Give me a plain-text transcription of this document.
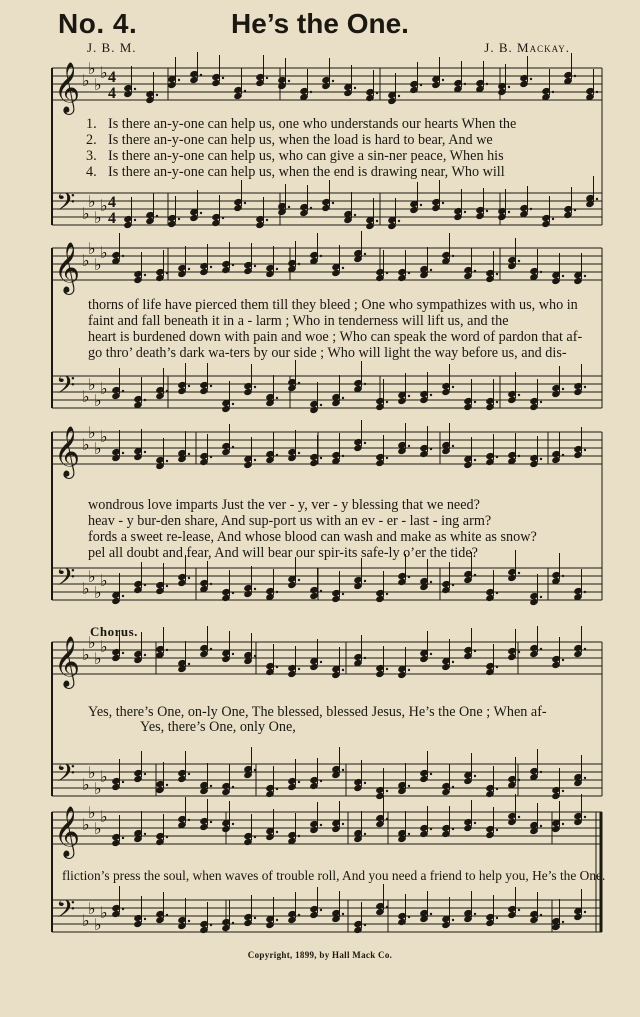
No. 4.	He’s the One.
J. B. M.	J. B. Mackay.
𝄞
𝄢
♭
♭
♭
♭
♭
♭
♭
♭
4
4
4
4
𝄞
𝄢
♭
♭
♭
♭
♭
♭
♭
♭
𝄞
𝄢
♭
♭
♭
♭
♭
♭
♭
♭
𝄞
𝄢
♭
♭
♭
♭
♭
♭
♭
♭
𝄞
𝄢
♭
♭
♭
♭
♭
♭
♭
♭
1. Is there an-y-one can help us, one who understands our hearts When the
2. Is there an-y-one can help us, when the load is hard to bear, And we
3. Is there an-y-one can help us, who can give a sin-ner peace, When his
4. Is there an-y-one can help us, when the end is drawing near, Who will
thorns of life have pierced them till they bleed ; One who sympathizes with us, who in
faint and fall beneath it in a - larm ; Who in tenderness will lift us, and the
heart is burdened down with pain and woe ; Who can speak the word of pardon that af-
go thro’ death’s dark wa-ters by our side ; Who will light the way before us, and dis-
wondrous love imparts Just the ver - y, ver - y blessing that we need?
heav - y bur-den share, And sup-port us with an ev - er - last - ing arm?
fords a sweet re-lease, And whose blood can wash and make as white as snow?
pel all doubt and fear, And will bear our spir-its safe-ly o’er the tide?
Chorus.
Yes, there’s One, on-ly One, The blessed, blessed Jesus, He’s the One ; When af-
Yes, there’s One, only One,
fliction’s press the soul, when waves of trouble roll, And you need a friend to help you, He’s the One.
Copyright, 1899, by Hall Mack Co.
